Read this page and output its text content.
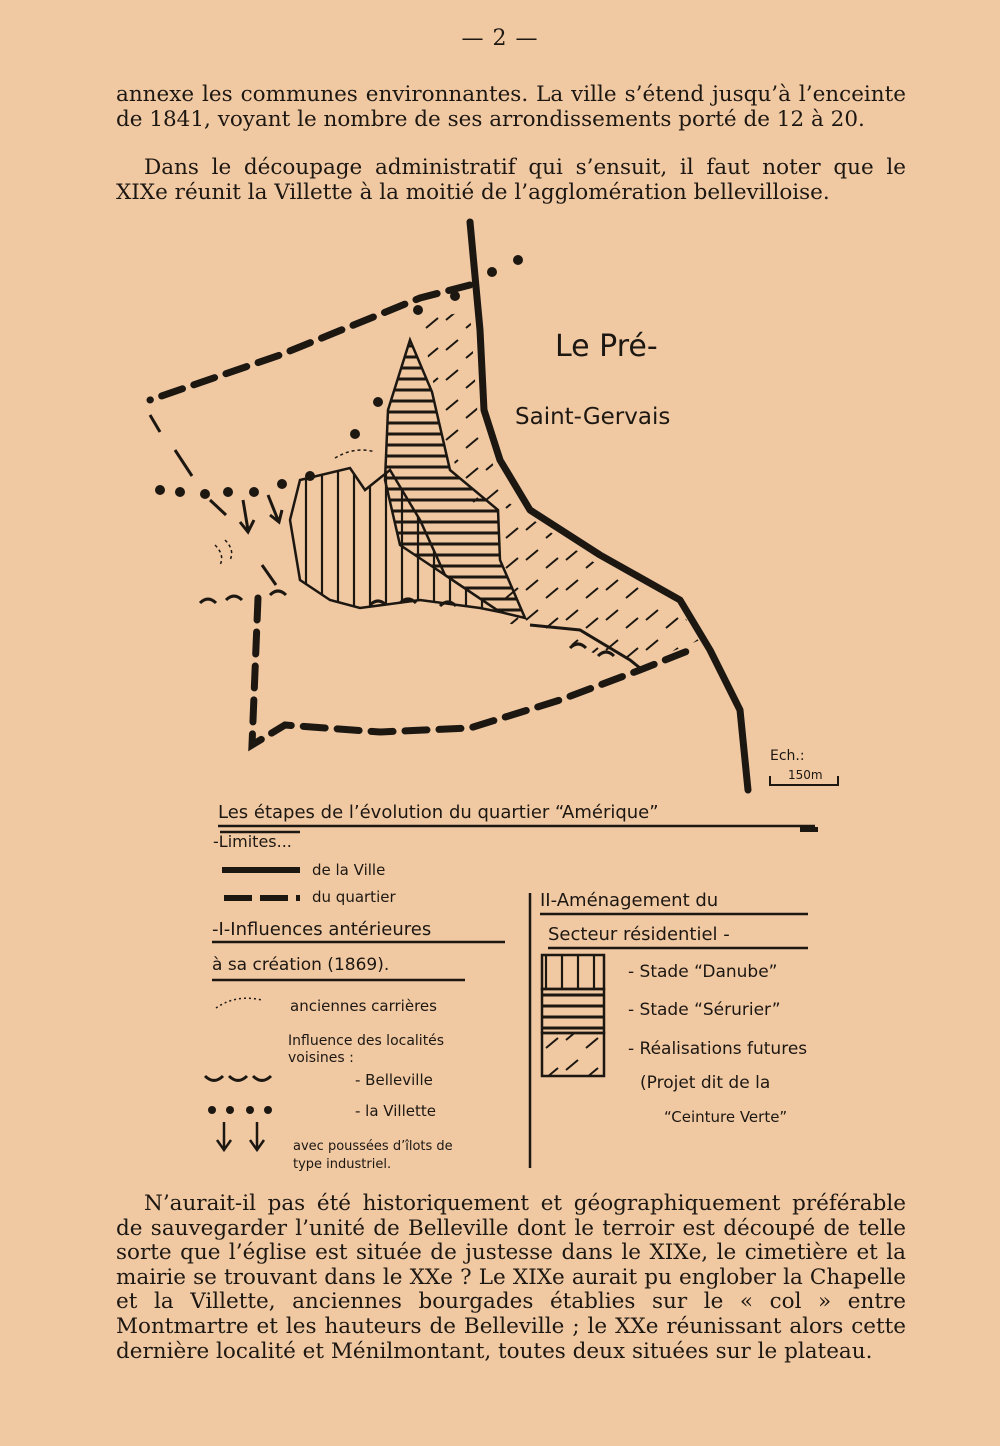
— 2 —

annexe les communes environnantes. La ville s’étend jusqu’à l’enceinte de 1841, voyant le nombre de ses arrondissements porté de 12 à 20.

Dans le découpage administratif qui s’ensuit, il faut noter que le XIXe réunit la Villette à la moitié de l’agglomération bellevilloise.

Le Pré-
Saint-Gervais
Ech.:
150m
Les étapes de l’évolution du quartier “Amérique”
-Limites...
de la Ville
du quartier
-I-Influences antérieures
à sa création (1869).
anciennes carrières
Influence des localités
voisines :
- Belleville
- la Villette
avec poussées d’îlots de
type industriel.
II-Aménagement du
Secteur résidentiel -
- Stade “Danube”
- Stade “Sérurier”
- Réalisations futures
(Projet dit de la
“Ceinture Verte”

N’aurait-il pas été historiquement et géographiquement préférable de sauvegarder l’unité de Belleville dont le terroir est découpé de telle sorte que l’église est située de justesse dans le XIXe, le cimetière et la mairie se trouvant dans le XXe ? Le XIXe aurait pu englober la Chapelle et la Villette, anciennes bourgades établies sur le « col » entre Montmartre et les hauteurs de Belleville ; le XXe réunissant alors cette dernière localité et Ménilmontant, toutes deux situées sur le plateau.
